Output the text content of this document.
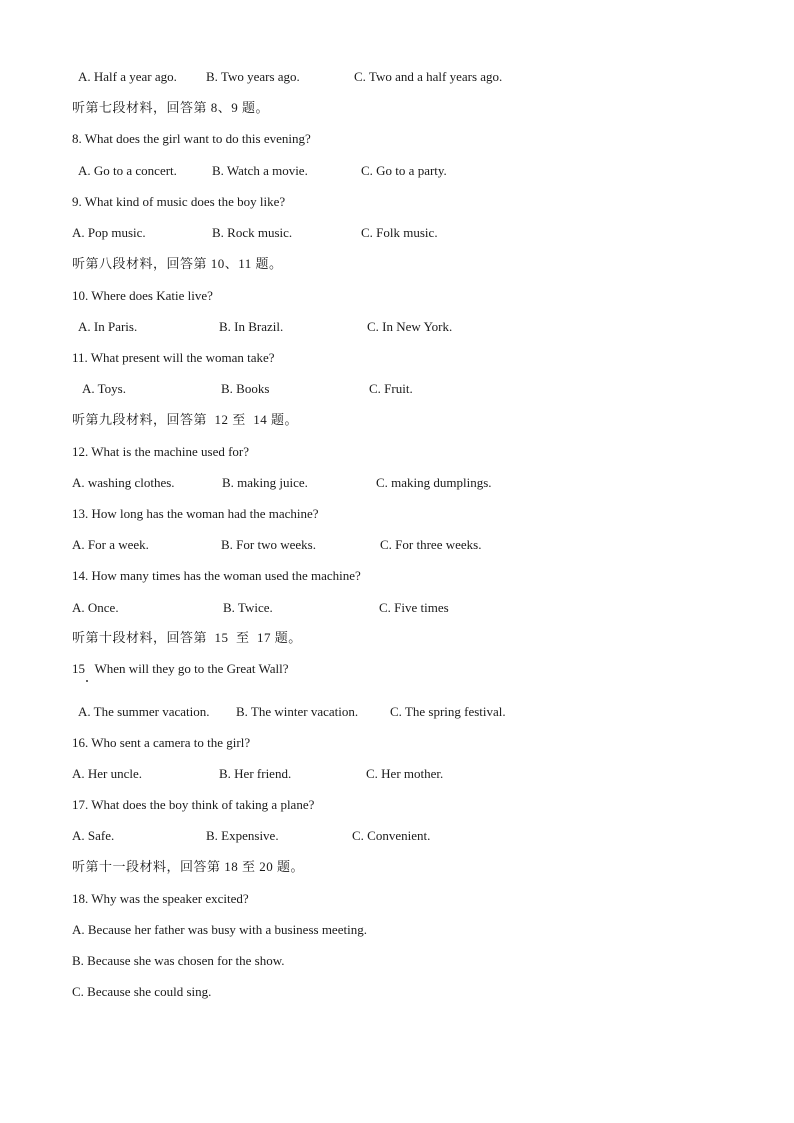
A. Half a year ago. B. Two years ago.	C. Two and a half years ago.
听第七段材料，回答第 8、9 题。
8. What does the girl want to do this evening?
A. Go to a concert.	B. Watch a movie.	C. Go to a party.
9. What kind of music does the boy like?
A. Pop music.	B. Rock music.	C. Folk music.
听第八段材料，回答第 10、11 题。
10. Where does Katie live?
A. In Paris.	B. In Brazil.	C. In New York.
11. What present will the woman take?
A. Toys.	B. Books	C. Fruit.
听第九段材料，回答第  12 至  14 题。
12. What is the machine used for?
A. washing clothes.	B. making juice.	C. making dumplings.
13. How long has the woman had the machine?
A. For a week.	B. For two weeks.	C. For three weeks.
14. How many times has the woman used the machine?
A. Once.	B. Twice.	C. Five times
听第十段材料，回答第  15  至  17 题。
15   When will they go to the Great Wall?
A. The summer vacation. B. The winter vacation. C. The spring festival.
16. Who sent a camera to the girl?
A. Her uncle.	B. Her friend.	C. Her mother.
17. What does the boy think of taking a plane?
A. Safe.	B. Expensive.	C. Convenient.
听第十一段材料，回答第 18 至 20 题。
18. Why was the speaker excited?
A. Because her father was busy with a business meeting.
B. Because she was chosen for the show.
C. Because she could sing.
